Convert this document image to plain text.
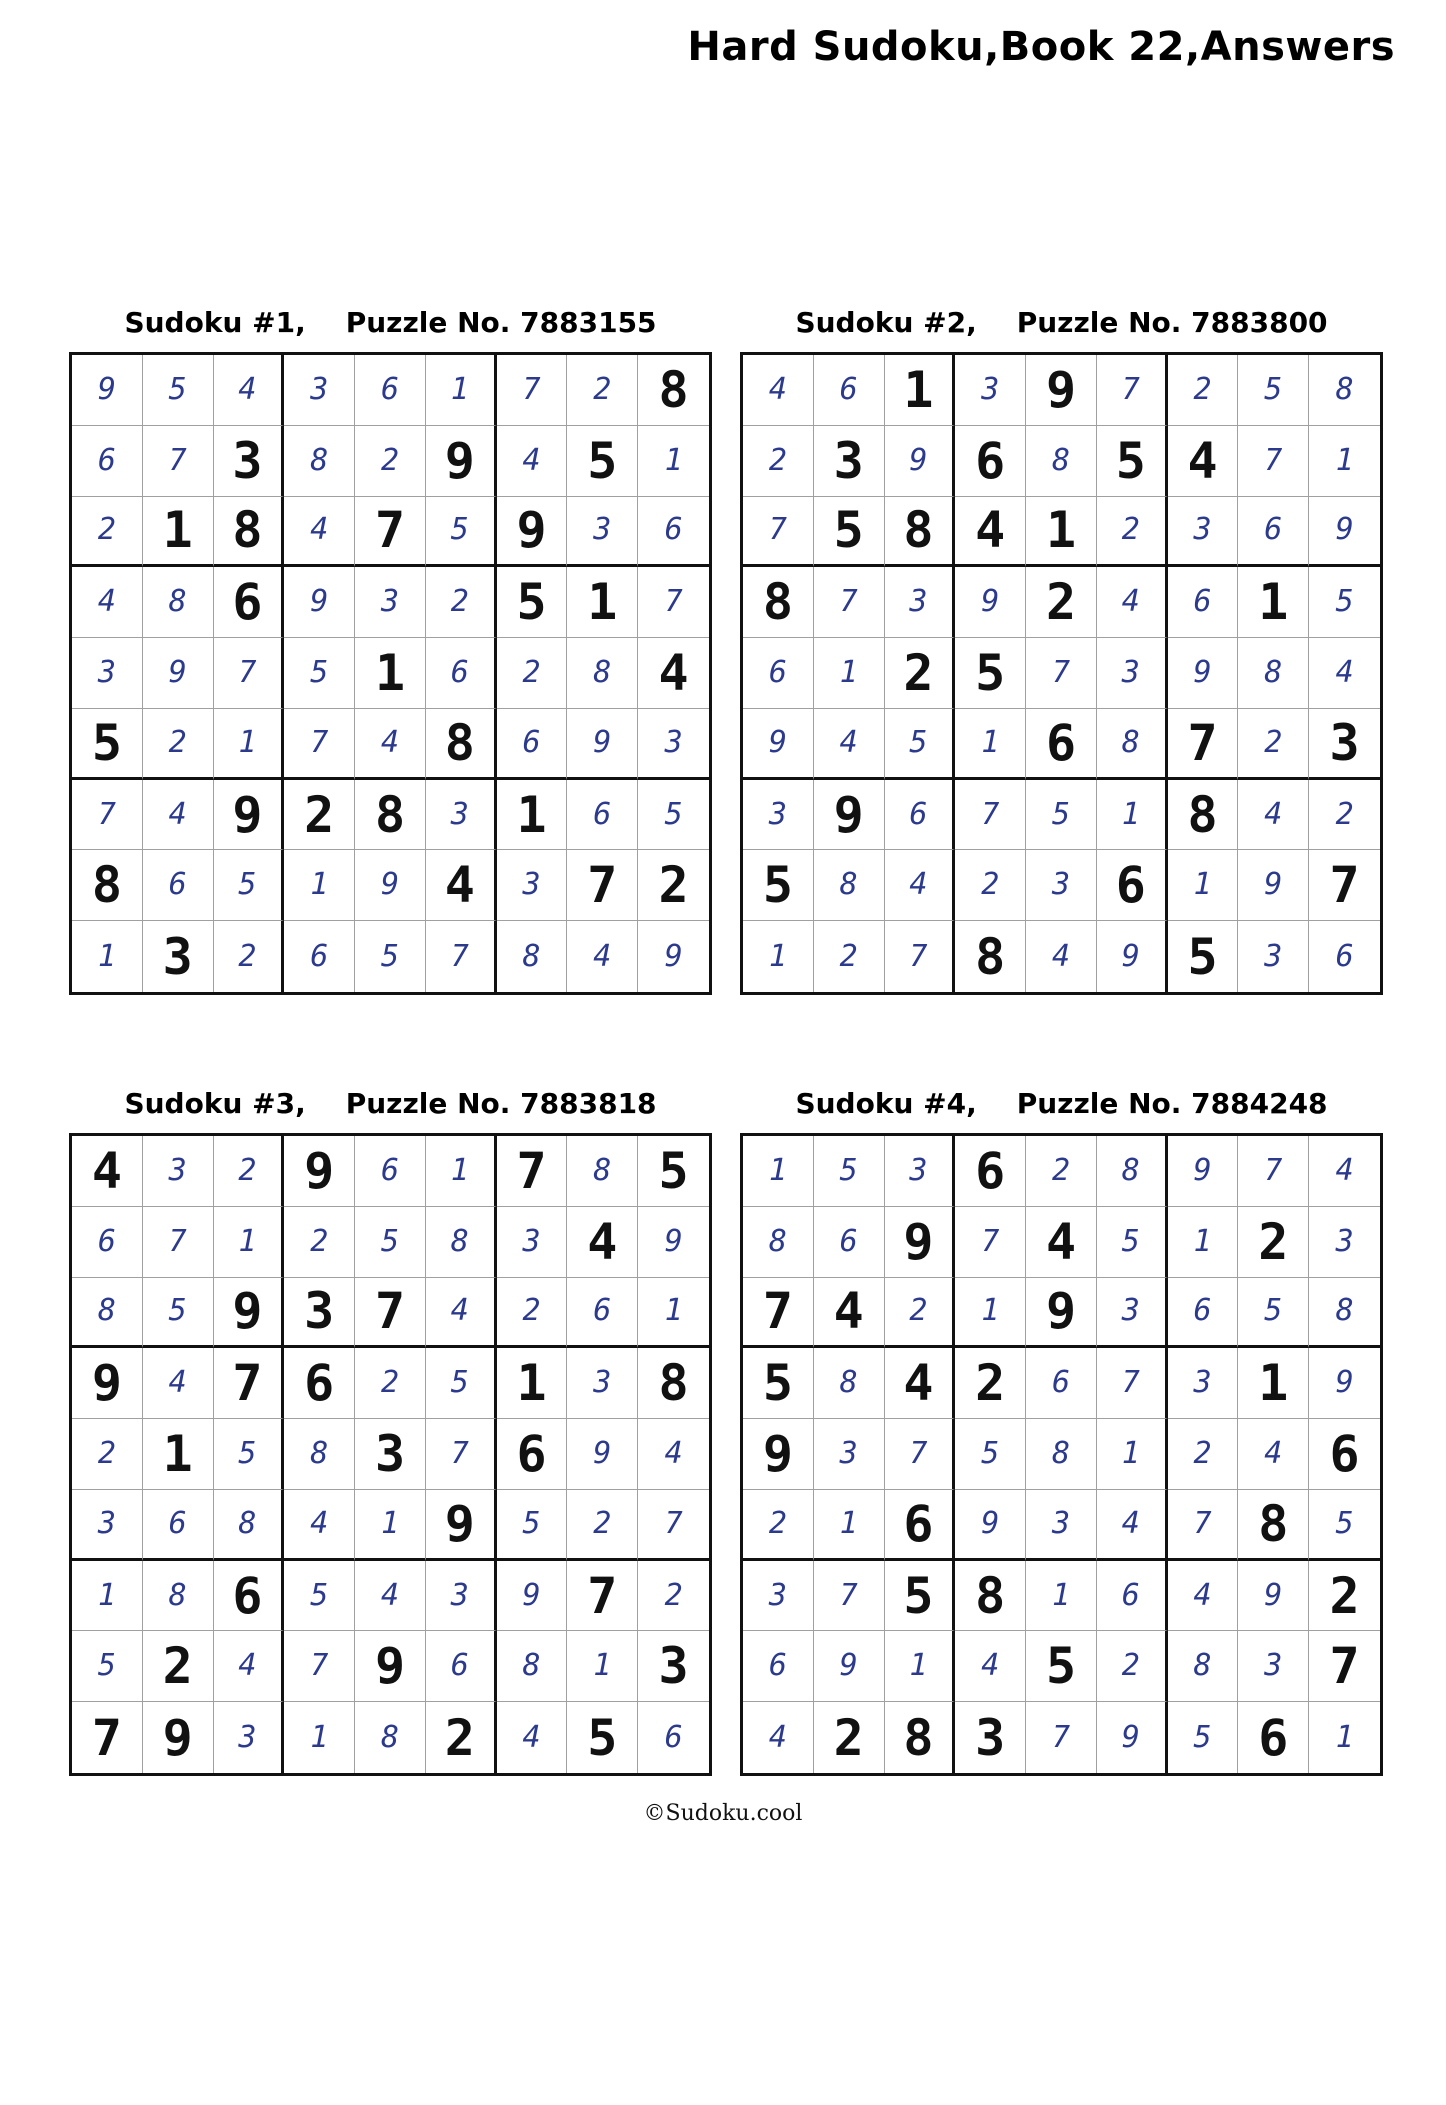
Hard Sudoku,Book 22,Answers
Sudoku #1, Puzzle No. 7883155
9	5	4	3	6	1	7	2 8
6	7 3	8	2 9	4 5	1
2 1 8	4 7	5 9	3	6
4	8 6	9	3	2 5 1	7
3	9	7	5 1	6	2	8 4
5	2	1	7	4 8	6	9	3
7	4 9 2 8	3 1	6	5
8	6	5	1	9 4	3 7 2
1 3	2	6	5	7	8	4	9
Sudoku #2, Puzzle No. 7883800
4	6 1	3 9	7	2	5	8
2 3	9 6	8 5 4	7	1
7 5 8 4 1	2	3	6	9
8	7	3	9 2	4	6 1	5
6	1 2 5	7	3	9	8	4
9	4	5	1 6	8 7	2 3
3 9	6	7	5	1 8	4	2
5	8	4	2	3 6	1	9 7
1	2	7 8	4	9 5	3	6
Sudoku #3, Puzzle No. 7883818
4	3	2 9	6	1 7	8 5
6	7	1	2	5	8	3 4	9
8	5 9 3 7	4	2	6	1
9	4 7 6	2	5 1	3 8
2 1	5	8 3	7 6	9	4
3	6	8	4	1 9	5	2	7
1	8 6	5	4	3	9 7	2
5 2	4	7 9	6	8	1 3
7 9	3	1	8 2	4 5	6
Sudoku #4, Puzzle No. 7884248
1	5	3 6	2	8	9	7	4
8	6 9	7 4	5	1 2	3
7 4	2	1 9	3	6	5	8
5	8 4 2	6	7	3 1	9
9	3	7	5	8	1	2	4 6
2	1 6	9	3	4	7 8	5
3	7 5 8	1	6	4	9 2
6	9	1	4 5	2	8	3 7
4 2 8 3	7	9	5 6	1
©Sudoku.cool
